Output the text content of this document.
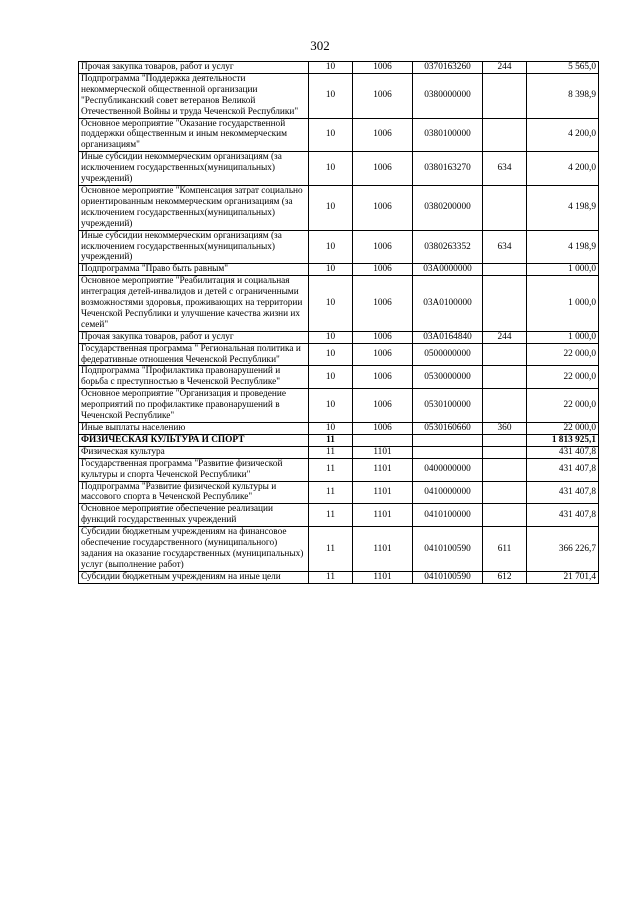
302
Прочая закупка товаров, работ и услуг	10	1006	0370163260	244	5 565,0
Подпрограмма "Поддержка деятельности некоммерческой общественной организации "Республиканский совет ветеранов Великой Отечественной Войны и труда Чеченской Республики"	10	1006	0380000000		8 398,9
Основное мероприятие "Оказание государственной поддержки общественным и иным некоммерческим организациям"	10	1006	0380100000		4 200,0
Иные субсидии некоммерческим организациям (за исключением государственных(муниципальных) учреждений)	10	1006	0380163270	634	4 200,0
Основное мероприятие "Компенсация затрат социально ориентированным некоммерческим организациям (за исключением государственных(муниципальных) учреждений)	10	1006	0380200000		4 198,9
Иные субсидии некоммерческим организациям (за исключением государственных(муниципальных) учреждений)	10	1006	0380263352	634	4 198,9
Подпрограмма "Право быть равным"	10	1006	03А0000000		1 000,0
Основное мероприятие "Реабилитация и социальная интеграция детей-инвалидов и детей с ограниченными возможностями здоровья, проживающих на территории Чеченской Республики и улучшение качества жизни их семей"	10	1006	03А0100000		1 000,0
Прочая закупка товаров, работ и услуг	10	1006	03А0164840	244	1 000,0
Государственная программа " Региональная политика и федеративные отношения Чеченской Республики"	10	1006	0500000000		22 000,0
Подпрограмма "Профилактика правонарушений и борьба с преступностью в Чеченской Республике"	10	1006	0530000000		22 000,0
Основное мероприятие "Организация и проведение мероприятий по профилактике правонарушений в Чеченской Республике"	10	1006	0530100000		22 000,0
Иные выплаты населению	10	1006	0530160660	360	22 000,0
ФИЗИЧЕСКАЯ КУЛЬТУРА И СПОРТ	11				1 813 925,1
Физическая культура	11	1101			431 407,8
Государственная программа "Развитие физической культуры и спорта Чеченской Республики"	11	1101	0400000000		431 407,8
Подпрограмма "Развитие физической культуры и массового спорта в Чеченской Республике"	11	1101	0410000000		431 407,8
Основное мероприятие обеспечение реализации функций государственных учреждений	11	1101	0410100000		431 407,8
Субсидии бюджетным учреждениям на финансовое обеспечение государственного (муниципального) задания на оказание государственных (муниципальных) услуг (выполнение работ)	11	1101	0410100590	611	366 226,7
Субсидии бюджетным учреждениям на иные цели	11	1101	0410100590	612	21 701,4
